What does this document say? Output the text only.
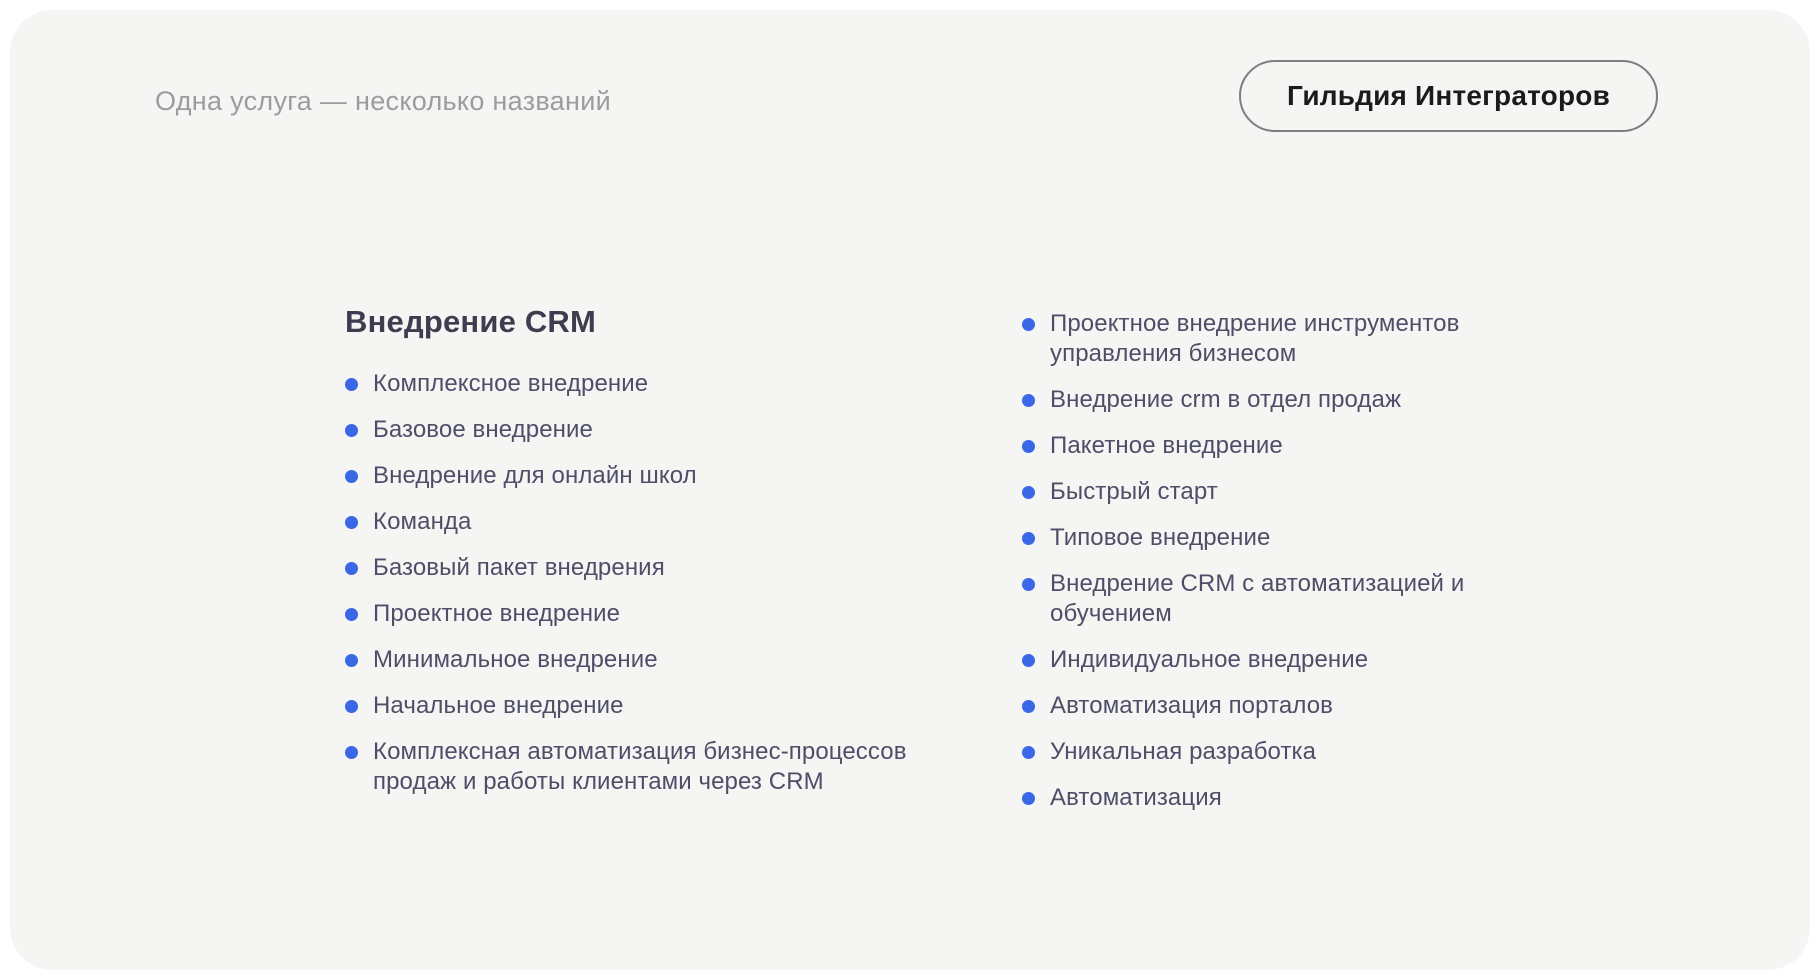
Одна услуга — несколько названий	Гильдия Интеграторов
Внедрение CRM
Комплексное внедрение
Базовое внедрение
Внедрение для онлайн школ
Команда
Базовый пакет внедрения
Проектное внедрение
Минимальное внедрение
Начальное внедрение
Комплексная автоматизация бизнес-процессов продаж и работы клиентами через CRM
Проектное внедрение инструментов управления бизнесом
Внедрение crm в отдел продаж
Пакетное внедрение
Быстрый старт
Типовое внедрение
Внедрение CRM с автоматизацией и обучением
Индивидуальное внедрение
Автоматизация порталов
Уникальная разработка
Автоматизация
